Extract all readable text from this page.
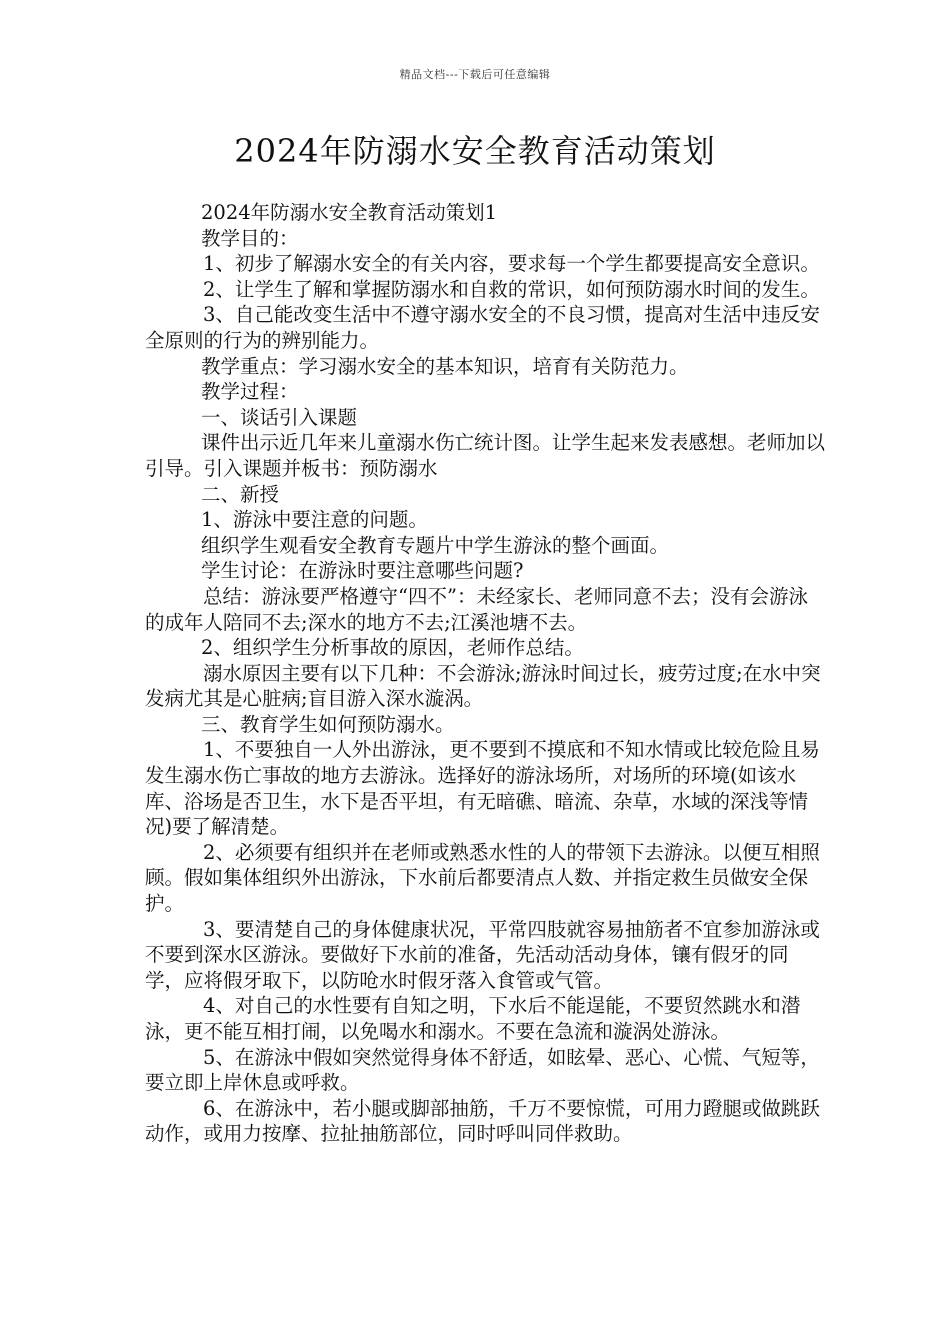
精品文档---下载后可任意编辑
2024年防溺水安全教育活动策划

2024年防溺水安全教育活动策划1

教学目的：

1、初步了解溺水安全的有关内容，要求每一个学生都要提高安全意识。

2、让学生了解和掌握防溺水和自救的常识，如何预防溺水时间的发生。

3、自己能改变生活中不遵守溺水安全的不良习惯，提高对生活中违反安全原则的行为的辨别能力。

教学重点：学习溺水安全的基本知识，培育有关防范力。

教学过程：

一、谈话引入课题

课件出示近几年来儿童溺水伤亡统计图。让学生起来发表感想。老师加以引导。引入课题并板书：预防溺水

二、新授

1、游泳中要注意的问题。

组织学生观看安全教育专题片中学生游泳的整个画面。

学生讨论：在游泳时要注意哪些问题?

总结：游泳要严格遵守“四不”：未经家长、老师同意不去；没有会游泳的成年人陪同不去;深水的地方不去;江溪池塘不去。

2、组织学生分析事故的原因，老师作总结。

溺水原因主要有以下几种：不会游泳;游泳时间过长，疲劳过度;在水中突发病尤其是心脏病;盲目游入深水漩涡。

三、教育学生如何预防溺水。

1、不要独自一人外出游泳，更不要到不摸底和不知水情或比较危险且易发生溺水伤亡事故的地方去游泳。选择好的游泳场所，对场所的环境(如该水库、浴场是否卫生，水下是否平坦，有无暗礁、暗流、杂草，水域的深浅等情况)要了解清楚。

2、必须要有组织并在老师或熟悉水性的人的带领下去游泳。以便互相照顾。假如集体组织外出游泳，下水前后都要清点人数、并指定救生员做安全保护。

3、要清楚自己的身体健康状况，平常四肢就容易抽筋者不宜参加游泳或不要到深水区游泳。要做好下水前的准备，先活动活动身体，镶有假牙的同学，应将假牙取下，以防呛水时假牙落入食管或气管。

4、对自己的水性要有自知之明，下水后不能逞能，不要贸然跳水和潜泳，更不能互相打闹，以免喝水和溺水。不要在急流和漩涡处游泳。

5、在游泳中假如突然觉得身体不舒适，如眩晕、恶心、心慌、气短等，要立即上岸休息或呼救。

6、在游泳中，若小腿或脚部抽筋，千万不要惊慌，可用力蹬腿或做跳跃动作，或用力按摩、拉扯抽筋部位，同时呼叫同伴救助。
